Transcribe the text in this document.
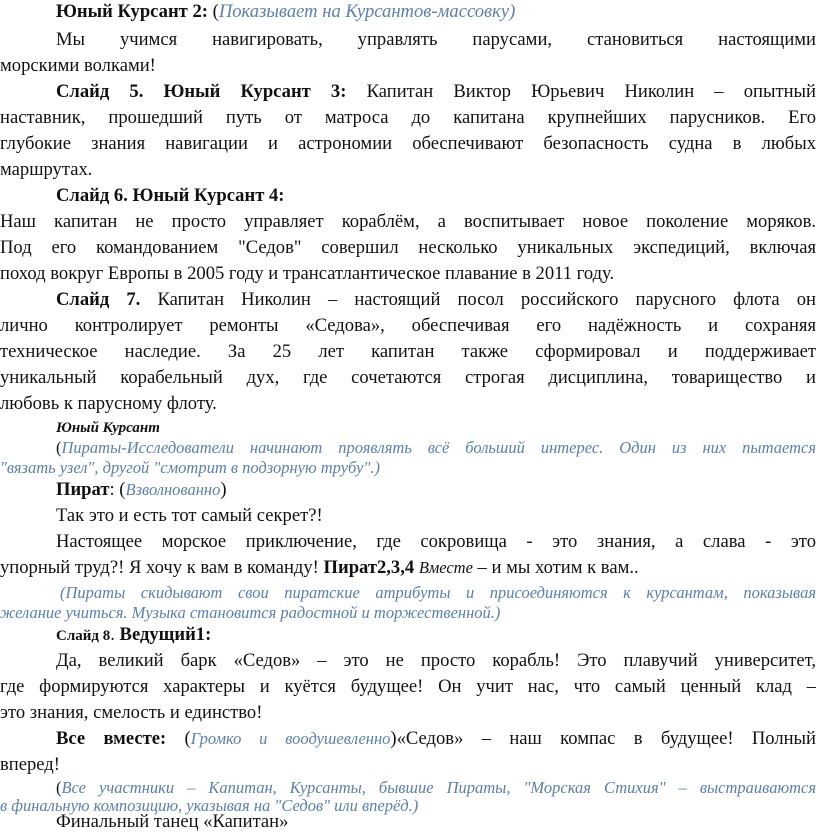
Юный Курсант 2: (Показывает на Курсантов-массовку)
Мы учимся навигировать, управлять парусами, становиться настоящими
морскими волками!
Слайд 5. Юный Курсант 3: Капитан Виктор Юрьевич Николин – опытный
наставник, прошедший путь от матроса до капитана крупнейших парусников. Его
глубокие знания навигации и астрономии обеспечивают безопасность судна в любых
маршрутах.
Слайд 6. Юный Курсант 4:
Наш капитан не просто управляет кораблём, а воспитывает новое поколение моряков.
Под его командованием "Седов" совершил несколько уникальных экспедиций, включая
поход вокруг Европы в 2005 году и трансатлантическое плавание в 2011 году.
Слайд 7. Капитан Николин – настоящий посол российского парусного флота он
лично контролирует ремонты «Седова», обеспечивая его надёжность и сохраняя
техническое наследие. За 25 лет капитан также сформировал и поддерживает
уникальный корабельный дух, где сочетаются строгая дисциплина, товарищество и
любовь к парусному флоту.
Юный Курсант
(Пираты-Исследователи начинают проявлять всё больший интерес. Один из них пытается
"вязать узел", другой "смотрит в подзорную трубу".)
Пират: (Взволнованно)
Так это и есть тот самый секрет?!
Настоящее морское приключение, где сокровища - это знания, а слава - это
упорный труд?! Я хочу к вам в команду! Пират2,3,4 Вместе – и мы хотим к вам..
(Пираты скидывают свои пиратские атрибуты и присоединяются к курсантам, показывая
желание учиться. Музыка становится радостной и торжественной.)
Слайд 8. Ведущий1:
Да, великий барк «Седов» – это не просто корабль! Это плавучий университет,
где формируются характеры и куётся будущее! Он учит нас, что самый ценный клад –
это знания, смелость и единство!
Все вместе: (Громко и воодушевленно)«Седов» – наш компас в будущее! Полный
вперед!
(Все участники – Капитан, Курсанты, бывшие Пираты, "Морская Стихия" – выстраиваются
в финальную композицию, указывая на "Седов" или вперёд.)
Финальный танец «Капитан»
